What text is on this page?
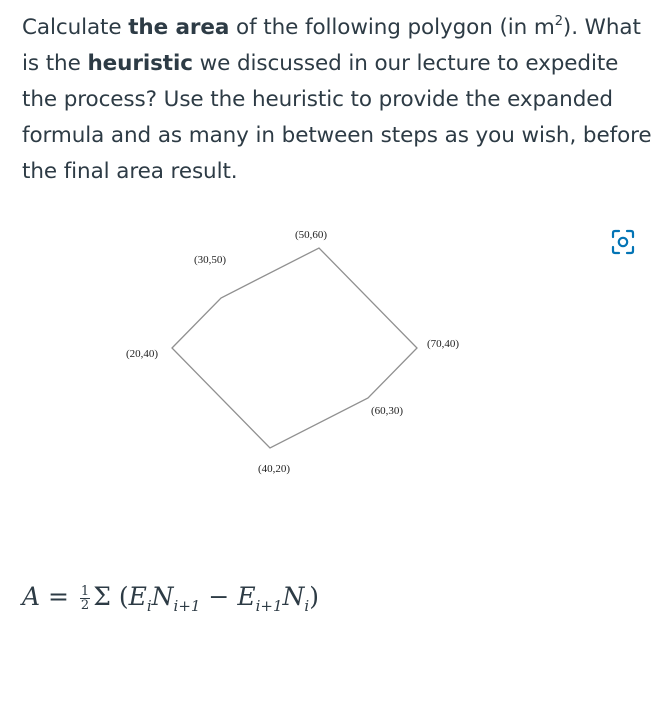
Calculate the area of the following polygon (in $m^2$). What is the heuristic we discussed in our lecture to expedite the process? Use the heuristic to provide the expanded formula and as many in between steps as you wish, before the final area result.
(20,40)
(30,50)
(50,60)
(70,40)
(60,30)
(40,20)
$A = \frac{1}{2}$ Σ $(E_iN_{i+1} - E_{i+1}N_i)$
